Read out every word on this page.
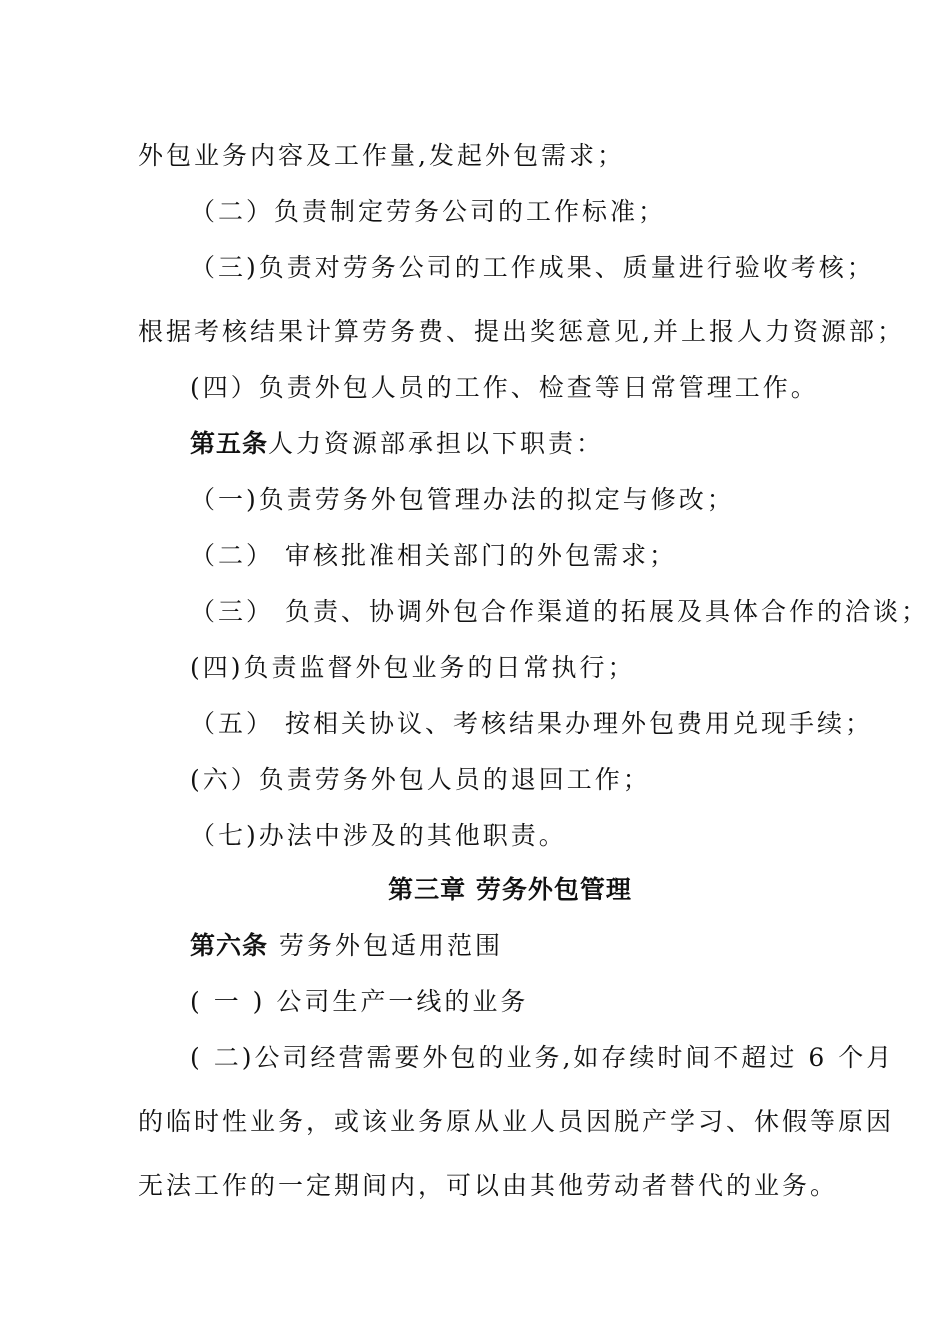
外包业务内容及工作量,发起外包需求；
（二）负责制定劳务公司的工作标准；
（三)负责对劳务公司的工作成果、质量进行验收考核；
根据考核结果计算劳务费、提出奖惩意见,并上报人力资源部；
(四）负责外包人员的工作、检查等日常管理工作。
第五条人力资源部承担以下职责：
（一)负责劳务外包管理办法的拟定与修改；
（二） 审核批准相关部门的外包需求；
（三） 负责、协调外包合作渠道的拓展及具体合作的洽谈；
(四)负责监督外包业务的日常执行；
（五） 按相关协议、考核结果办理外包费用兑现手续；
(六）负责劳务外包人员的退回工作；
（七)办法中涉及的其他职责。
第三章 劳务外包管理
第六条 劳务外包适用范围
( 一 ) 公司生产一线的业务
( 二)公司经营需要外包的业务,如存续时间不超过 6 个月
的临时性业务，或该业务原从业人员因脱产学习、休假等原因
无法工作的一定期间内，可以由其他劳动者替代的业务。
